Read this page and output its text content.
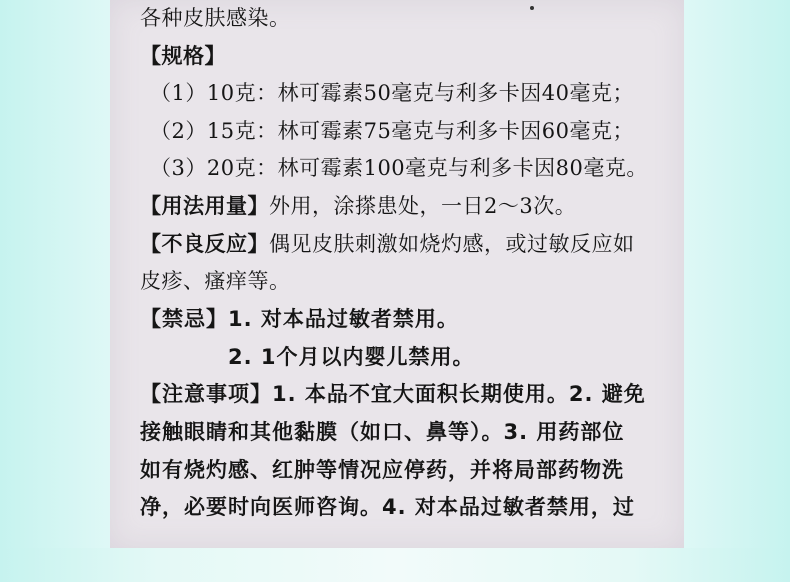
各种皮肤感染。
【规格】
（1）10克：林可霉素50毫克与利多卡因40毫克；
（2）15克：林可霉素75毫克与利多卡因60毫克；
（3）20克：林可霉素100毫克与利多卡因80毫克。
【用法用量】外用，涂搽患处，一日2～3次。
【不良反应】偶见皮肤刺激如烧灼感，或过敏反应如
皮疹、瘙痒等。
【禁忌】1. 对本品过敏者禁用。
2. 1个月以内婴儿禁用。
【注意事项】1. 本品不宜大面积长期使用。2. 避免
接触眼睛和其他黏膜（如口、鼻等）。3. 用药部位
如有烧灼感、红肿等情况应停药，并将局部药物洗
净，必要时向医师咨询。4. 对本品过敏者禁用，过
